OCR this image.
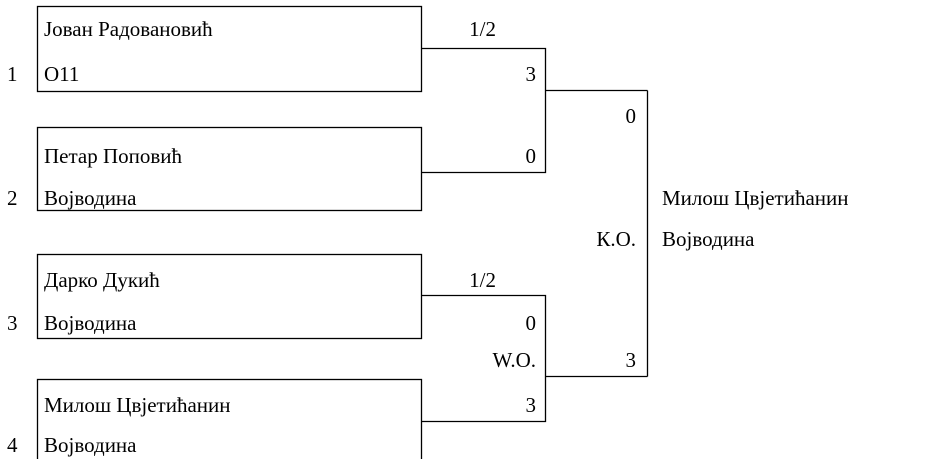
1
2
3
4
Јован Радовановић
O11
Петар Поповић
Војводина
Дарко Дукић
Војводина
Милош Цвјетићанин
Војводина
1/2
3
0
1/2
0
W.O.
3
0
К.О.
3
Милош Цвјетићанин
Војводина
